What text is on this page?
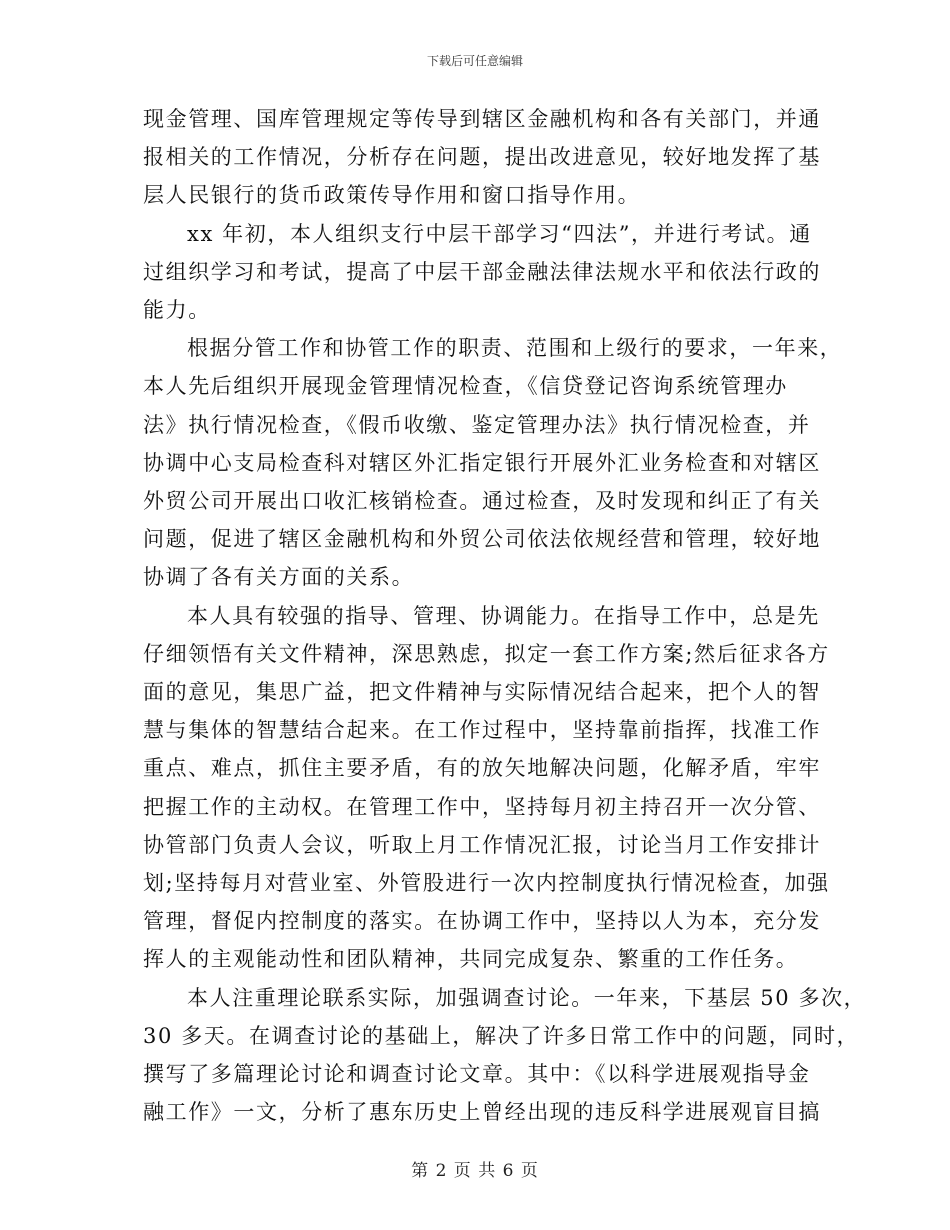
下载后可任意编辑

现金管理、国库管理规定等传导到辖区金融机构和各有关部门，并通
报相关的工作情况，分析存在问题，提出改进意见，较好地发挥了基
层人民银行的货币政策传导作用和窗口指导作用。

xx 年初，本人组织支行中层干部学习“四法”，并进行考试。通
过组织学习和考试，提高了中层干部金融法律法规水平和依法行政的
能力。

根据分管工作和协管工作的职责、范围和上级行的要求，一年来，
本人先后组织开展现金管理情况检查，《信贷登记咨询系统管理办
法》执行情况检查，《假币收缴、鉴定管理办法》执行情况检查，并
协调中心支局检查科对辖区外汇指定银行开展外汇业务检查和对辖区
外贸公司开展出口收汇核销检查。通过检查，及时发现和纠正了有关
问题，促进了辖区金融机构和外贸公司依法依规经营和管理，较好地
协调了各有关方面的关系。

本人具有较强的指导、管理、协调能力。在指导工作中，总是先
仔细领悟有关文件精神，深思熟虑，拟定一套工作方案;然后征求各方
面的意见，集思广益，把文件精神与实际情况结合起来，把个人的智
慧与集体的智慧结合起来。在工作过程中，坚持靠前指挥，找准工作
重点、难点，抓住主要矛盾，有的放矢地解决问题，化解矛盾，牢牢
把握工作的主动权。在管理工作中，坚持每月初主持召开一次分管、
协管部门负责人会议，听取上月工作情况汇报，讨论当月工作安排计
划;坚持每月对营业室、外管股进行一次内控制度执行情况检查，加强
管理，督促内控制度的落实。在协调工作中，坚持以人为本，充分发
挥人的主观能动性和团队精神，共同完成复杂、繁重的工作任务。

本人注重理论联系实际，加强调查讨论。一年来，下基层 50 多次，
30 多天。在调查讨论的基础上，解决了许多日常工作中的问题，同时，
撰写了多篇理论讨论和调查讨论文章。其中：《以科学进展观指导金
融工作》一文，分析了惠东历史上曾经出现的违反科学进展观盲目搞

第 2 页 共 6 页
